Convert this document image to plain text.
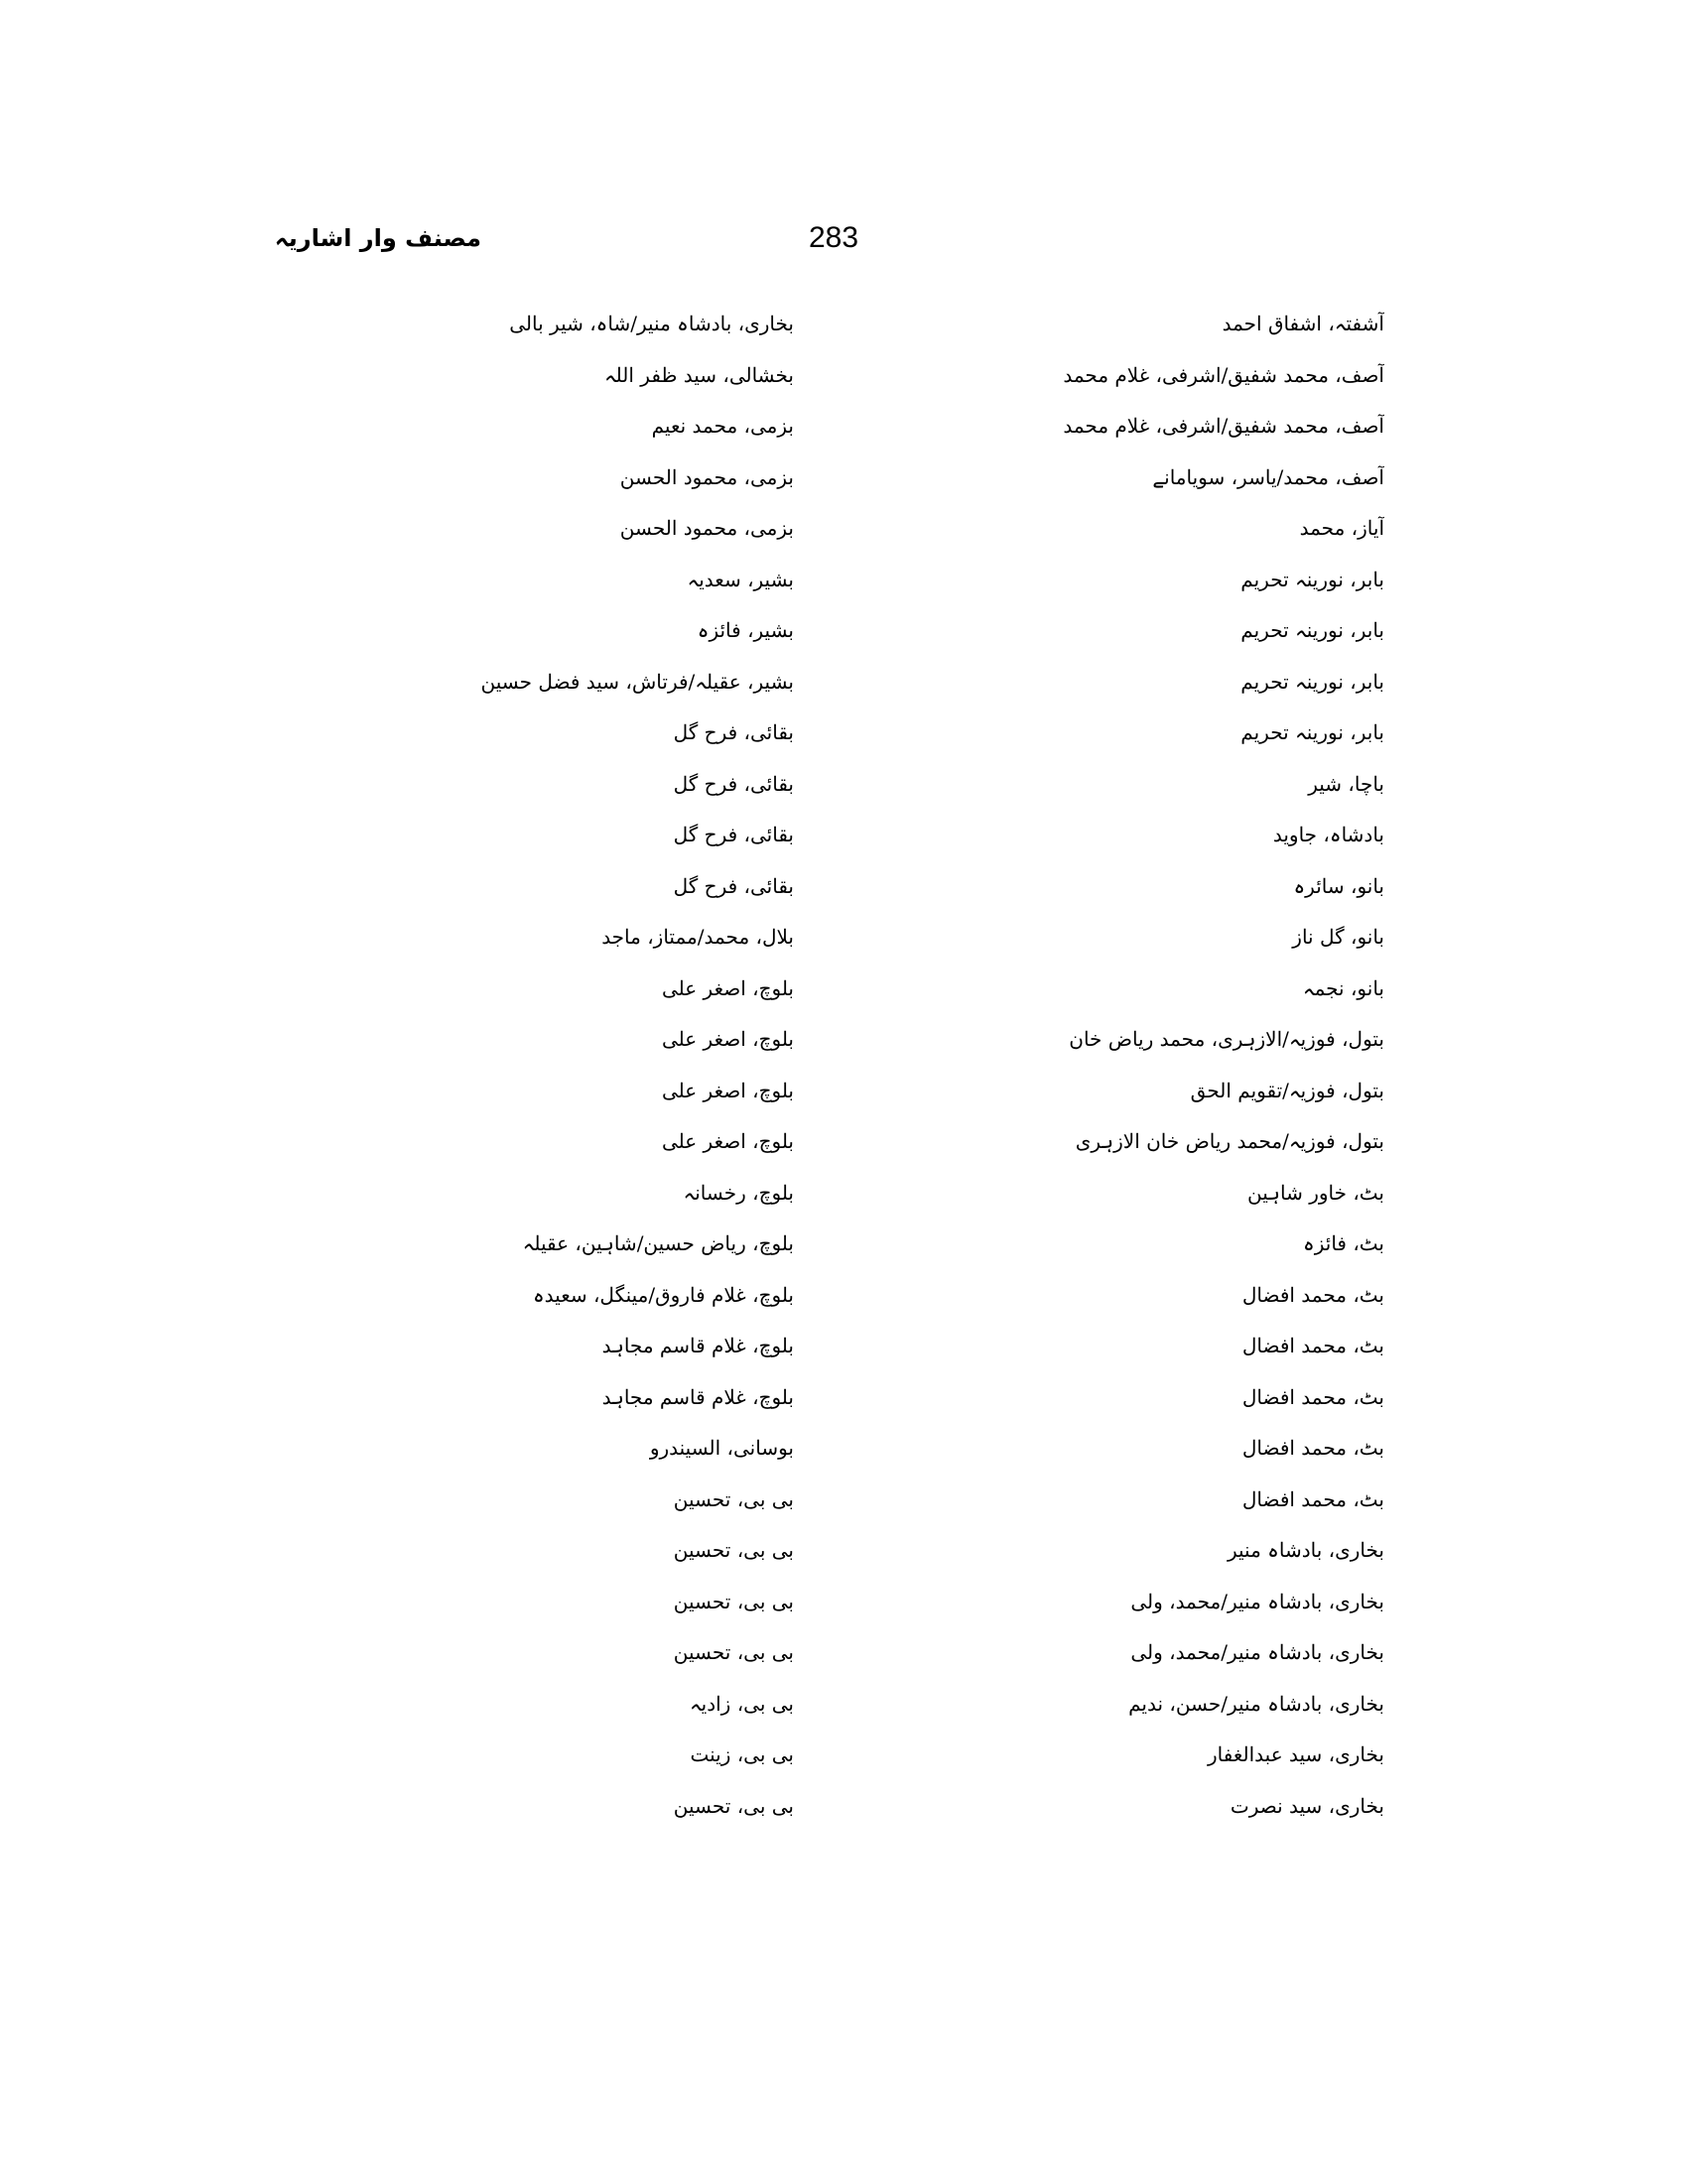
مصنف وار اشاریہ	283
آشفتہ، اشفاق احمد
آصف، محمد شفیق/اشرفی، غلام محمد
آصف، محمد شفیق/اشرفی، غلام محمد
آصف، محمد/یاسر، سویامانے
آیاز، محمد
بابر، نورینہ تحریم
بابر، نورینہ تحریم
بابر، نورینہ تحریم
بابر، نورینہ تحریم
باچا، شیر
بادشاہ، جاوید
بانو، سائرہ
بانو، گل ناز
بانو، نجمہ
بتول، فوزیہ/الازہری، محمد ریاض خان
بتول، فوزیہ/تقویم الحق
بتول، فوزیہ/محمد ریاض خان الازہری
بٹ، خاور شاہین
بٹ، فائزہ
بٹ، محمد افضال
بٹ، محمد افضال
بٹ، محمد افضال
بٹ، محمد افضال
بٹ، محمد افضال
بخاری، بادشاہ منیر
بخاری، بادشاہ منیر/محمد، ولی
بخاری، بادشاہ منیر/محمد، ولی
بخاری، بادشاہ منیر/حسن، ندیم
بخاری، سید عبدالغفار
بخاری، سید نصرت
بخاری، بادشاہ منیر/شاہ، شیر بالی
بخشالی، سید ظفر اللہ
بزمی، محمد نعیم
بزمی، محمود الحسن
بزمی، محمود الحسن
بشیر، سعدیہ
بشیر، فائزہ
بشیر، عقیلہ/فرتاش، سید فضل حسین
بقائی، فرح گل
بقائی، فرح گل
بقائی، فرح گل
بقائی، فرح گل
بلال، محمد/ممتاز، ماجد
بلوچ، اصغر علی
بلوچ، اصغر علی
بلوچ، اصغر علی
بلوچ، اصغر علی
بلوچ، رخسانہ
بلوچ، ریاض حسین/شاہین، عقیلہ
بلوچ، غلام فاروق/مینگل، سعیدہ
بلوچ، غلام قاسم مجاہد
بلوچ، غلام قاسم مجاہد
بوسانی، السیندرو
بی بی، تحسین
بی بی، تحسین
بی بی، تحسین
بی بی، تحسین
بی بی، زادیہ
بی بی، زینت
بی بی، تحسین
